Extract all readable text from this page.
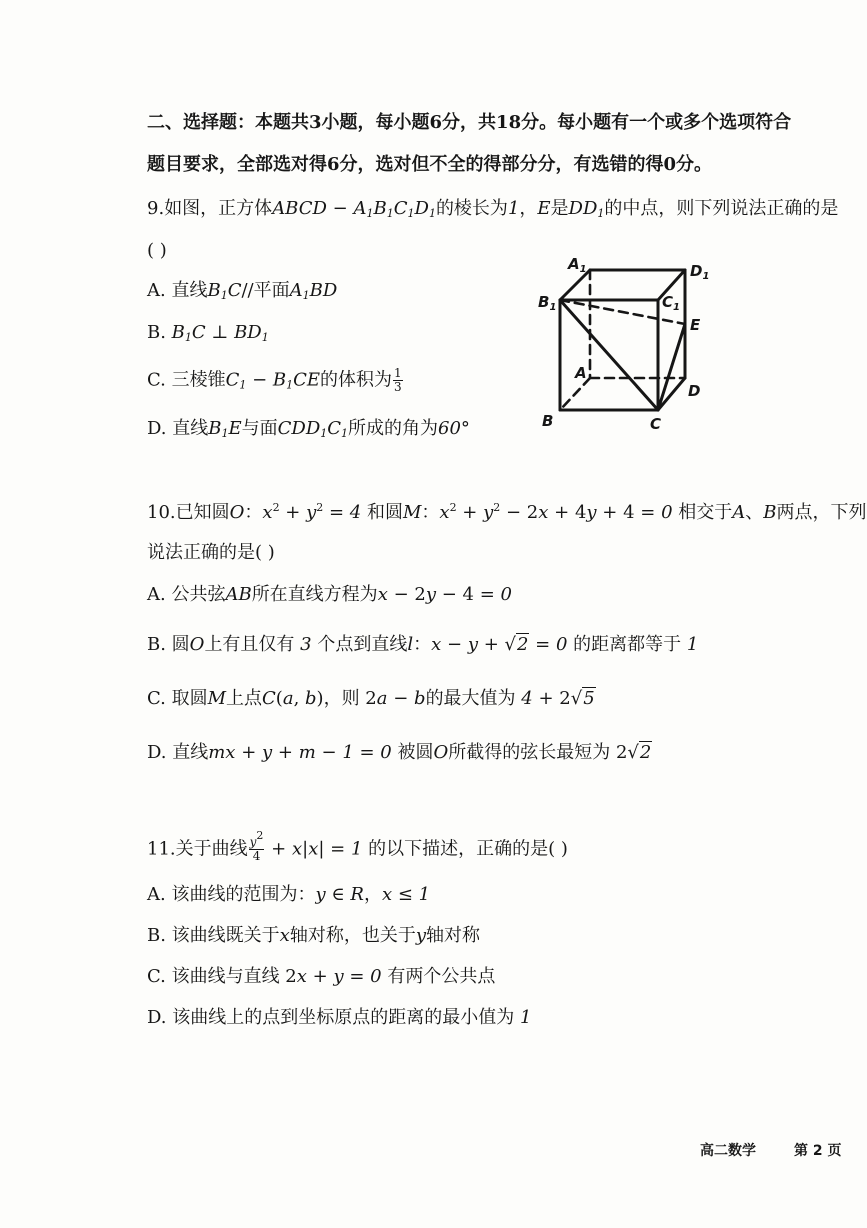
二、选择题：本题共3小题，每小题6分，共18分。每小题有一个或多个选项符合
题目要求，全部选对得6分，选对但不全的得部分分，有选错的得0分。
9.如图，正方体ABCD − $A_1B_1C_1D_1$的棱长为1，E是$DD_1$的中点，则下列说法正确的是
( )
A. 直线$B_1C//$平面$A_1BD$
B. $B_1C$ ⊥ $BD_1$
C. 三棱锥$C_1 - B_1CE$的体积为 $\frac{1}{3}$
D. 直线$B_1E$与面$CDD_1C_1$所成的角为60°
$A_1$	$D_1$
$B_1$	$C_1$
E
A
D
B	C
10.已知圆O：$x^2 + y^2 = 4$ 和圆M：$x^2 + y^2 - 2x + 4y + 4 = 0$ 相交于A、B两点，下列
说法正确的是( )
A. 公共弦AB所在直线方程为x − 2y − 4 = 0
B. 圆O上有且仅有 3 个点到直线l：x − y + √2 = 0 的距离都等于 1
C. 取圆M上点C(a, b)，则 2a − b的最大值为 4 + 2√5
D. 直线mx + y + m − 1 = 0 被圆O所截得的弦长最短为 2√2
11.关于曲线 $\frac{y^2}{4} + x|x| = 1$ 的以下描述，正确的是( )
A. 该曲线的范围为：y ∈ R，x ≤ 1
B. 该曲线既关于x轴对称，也关于y轴对称
C. 该曲线与直线 2x + y = 0 有两个公共点
D. 该曲线上的点到坐标原点的距离的最小值为 1
高二数学	第 2 页
